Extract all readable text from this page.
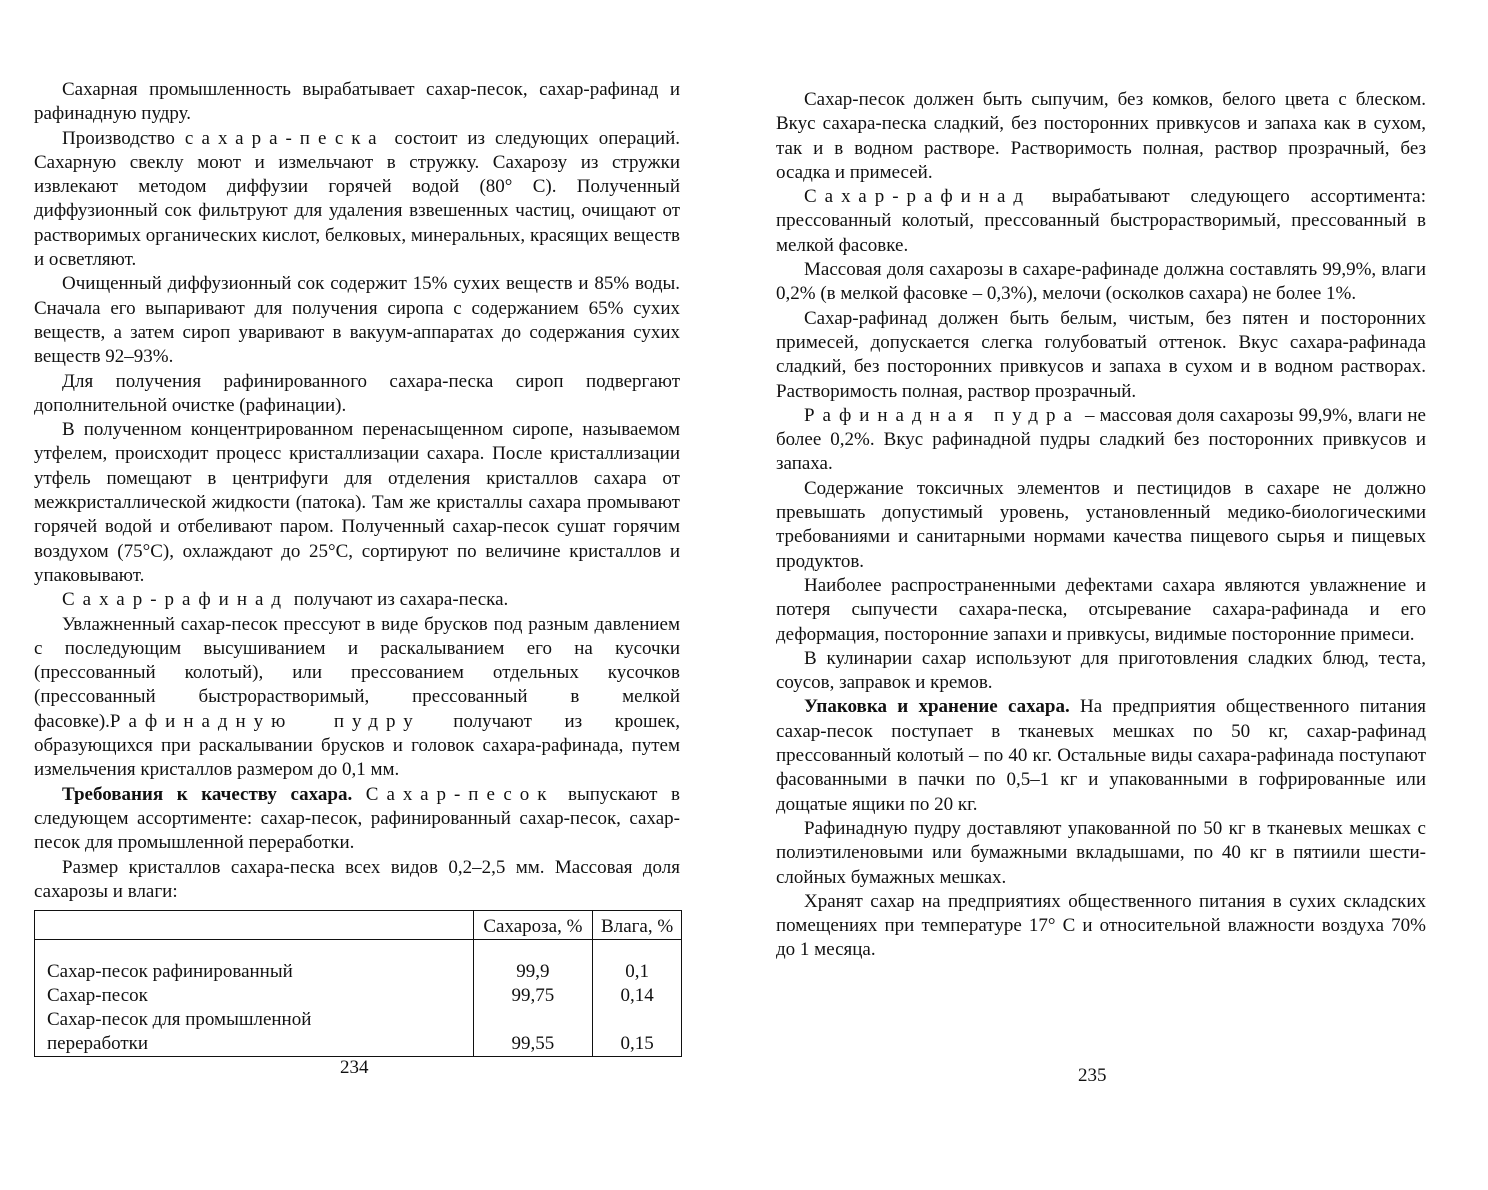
Сахарная промышленность вырабатывает сахар-песок, сахар-рафинад и рафинадную пудру.

Производство сахара-песка состоит из следующих операций. Сахарную свеклу моют и измельчают в стружку. Сахарозу из стружки извлекают методом диффузии горячей водой (80° С). Полученный диффузионный сок фильтруют для удаления взвешенных частиц, очищают от растворимых органических кислот, белковых, минеральных, красящих веществ и осветляют.

Очищенный диффузионный сок содержит 15% сухих веществ и 85% воды. Сначала его выпаривают для получения сиропа с содержанием 65% сухих веществ, а затем сироп уваривают в вакуум-аппаратах до содержания сухих веществ 92–93%.

Для получения рафинированного сахара-песка сироп подвергают дополнительной очистке (рафинации).

В полученном концентрированном перенасыщенном сиропе, называемом утфелем, происходит процесс кристаллизации сахара. После кристаллизации утфель помещают в центрифуги для отделения кристаллов сахара от межкристаллической жидкости (патока). Там же кристаллы сахара промывают горячей водой и отбеливают паром. Полученный сахар-песок сушат горячим воздухом (75°С), охлаждают до 25°С, сортируют по величине кристаллов и упаковывают.

Сахар-рафинад получают из сахара-песка.

Увлажненный сахар-песок прессуют в виде брусков под разным давлением с последующим высушиванием и раскалыванием его на кусочки (прессованный колотый), или прессованием отдельных кусочков (прессованный быстрорастворимый, прессованный в мелкой фасовке).Рафинадную пудру получают из крошек, образующихся при раскалывании брусков и головок сахара-рафинада, путем измельчения кристаллов размером до 0,1 мм.

Требования к качеству сахара. Сахар-песок выпускают в следующем ассортименте: сахар-песок, рафинированный сахар-песок, сахар-песок для промышленной переработки.

Размер кристаллов сахара-песка всех видов 0,2–2,5 мм. Массовая доля сахарозы и влаги:

	Сахароза, %	Влага, %

Сахар-песок рафинированный	99,9	0,1
Сахар-песок	99,75	0,14
Сахар-песок для промышленной переработки	99,55	0,15
234

Сахар-песок должен быть сыпучим, без комков, белого цвета с блеском. Вкус сахара-песка сладкий, без посторонних привкусов и запаха как в сухом, так и в водном растворе. Растворимость полная, раствор прозрачный, без осадка и примесей.

Сахар-рафинад вырабатывают следующего ассортимента: прессованный колотый, прессованный быстрорастворимый, прессованный в мелкой фасовке.

Массовая доля сахарозы в сахаре-рафинаде должна составлять 99,9%, влаги 0,2% (в мелкой фасовке – 0,3%), мелочи (осколков сахара) не более 1%.

Сахар-рафинад должен быть белым, чистым, без пятен и посторонних примесей, допускается слегка голубоватый оттенок. Вкус сахара-рафинада сладкий, без посторонних привкусов и запаха в сухом и в водном растворах. Растворимость полная, раствор прозрачный.

Рафинадная пудра – массовая доля сахарозы 99,9%, влаги не более 0,2%. Вкус рафинадной пудры сладкий без посторонних привкусов и запаха.

Содержание токсичных элементов и пестицидов в сахаре не должно превышать допустимый уровень, установленный медико-биологическими требованиями и санитарными нормами качества пищевого сырья и пищевых продуктов.

Наиболее распространенными дефектами сахара являются увлажнение и потеря сыпучести сахара-песка, отсыревание сахара-рафинада и его деформация, посторонние запахи и привкусы, видимые посторонние примеси.

В кулинарии сахар используют для приготовления сладких блюд, теста, соусов, заправок и кремов.

Упаковка и хранение сахара. На предприятия общественного питания сахар-песок поступает в тканевых мешках по 50 кг, сахар-рафинад прессованный колотый – по 40 кг. Остальные виды сахара-рафинада поступают фасованными в пачки по 0,5–1 кг и упакованными в гофрированные или дощатые ящики по 20 кг.

Рафинадную пудру доставляют упакованной по 50 кг в тканевых мешках с полиэтиленовыми или бумажными вкладышами, по 40 кг в пятиили шести-слойных бумажных мешках.

Хранят сахар на предприятиях общественного питания в сухих складских помещениях при температуре 17° С и относительной влажности воздуха 70% до 1 месяца.

235
